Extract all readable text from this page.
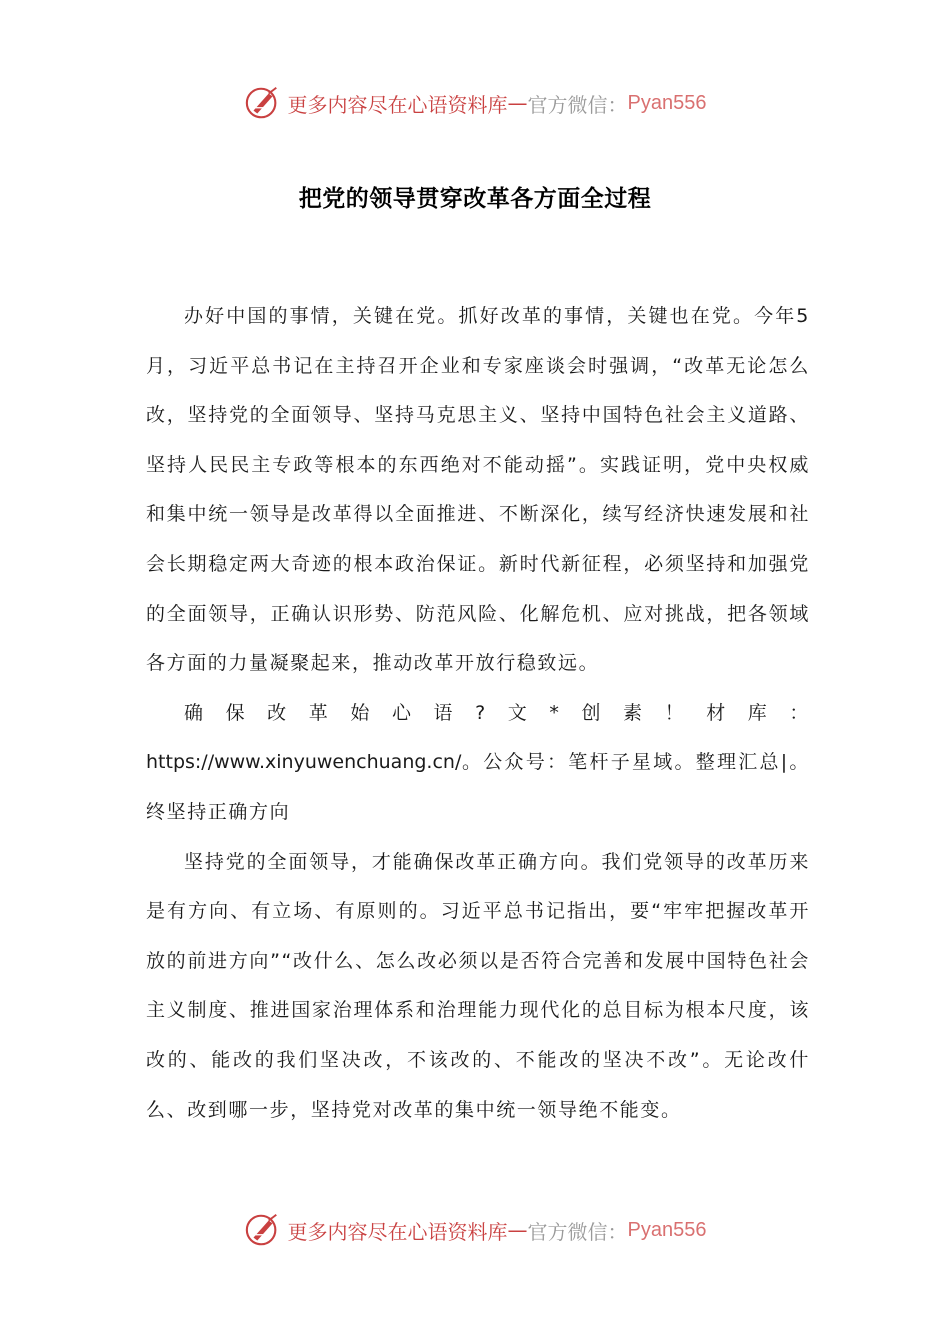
更多内容尽在心语资料库 — 官方微信： Pyan556
把党的领导贯穿改革各方面全过程

办好中国的事情，关键在党。抓好改革的事情，关键也在党。今年5月，习近平总书记在主持召开企业和专家座谈会时强调，“改革无论怎么改，坚持党的全面领导、坚持马克思主义、坚持中国特色社会主义道路、坚持人民民主专政等根本的东西绝对不能动摇”。实践证明，党中央权威和集中统一领导是改革得以全面推进、不断深化，续写经济快速发展和社会长期稳定两大奇迹的根本政治保证。新时代新征程，必须坚持和加强党的全面领导，正确认识形势、防范风险、化解危机、应对挑战，把各领域各方面的力量凝聚起来，推动改革开放行稳致远。

确保改革始心语?文*创素！材库：https://www.xinyuwenchuang.cn/。公众号：笔杆子星域。整理汇总|。终坚持正确方向

坚持党的全面领导，才能确保改革正确方向。我们党领导的改革历来是有方向、有立场、有原则的。习近平总书记指出，要“牢牢把握改革开放的前进方向”“改什么、怎么改必须以是否符合完善和发展中国特色社会主义制度、推进国家治理体系和治理能力现代化的总目标为根本尺度，该改的、能改的我们坚决改，不该改的、不能改的坚决不改”。无论改什么、改到哪一步，坚持党对改革的集中统一领导绝不能变。

更多内容尽在心语资料库 — 官方微信： Pyan556
